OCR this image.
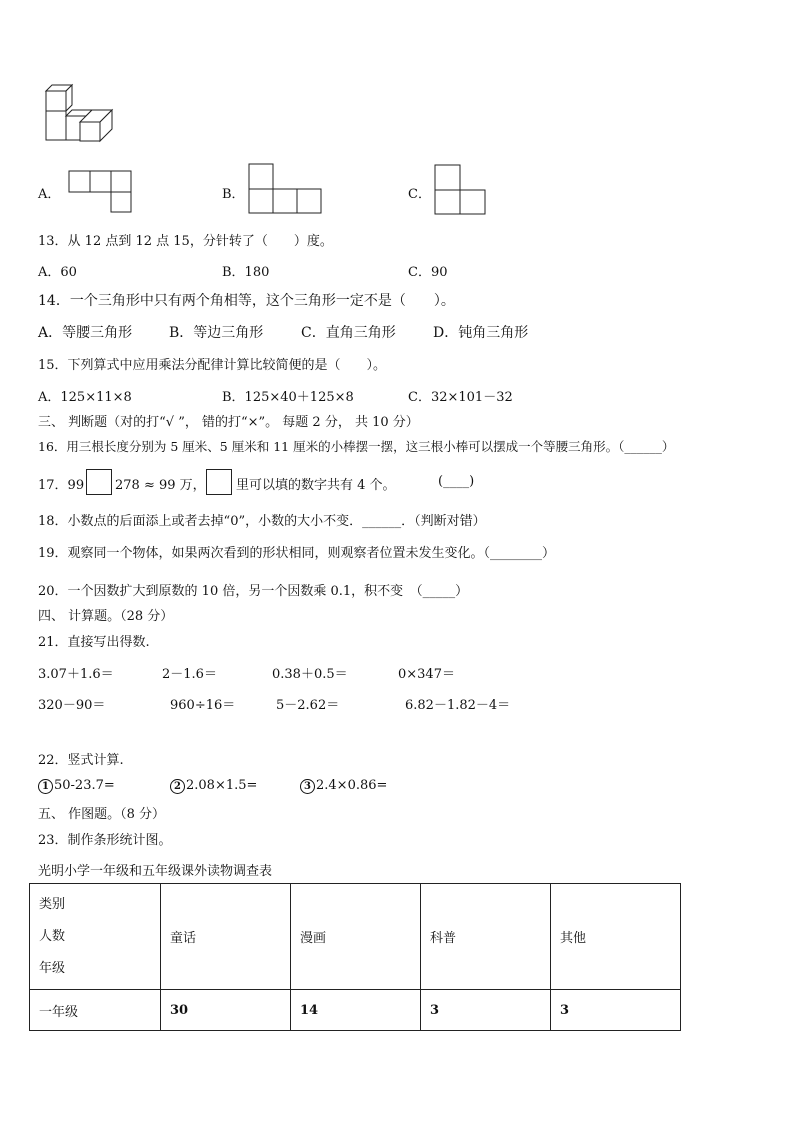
A．	B．	C．
13．从 12 点到 12 点 15，分针转了（　　）度。
A．60	B．180	C．90
14．一个三角形中只有两个角相等，这个三角形一定不是（　　）。
A．等腰三角形	B．等边三角形	C．直角三角形	D．钝角三角形
15．下列算式中应用乘法分配律计算比较简便的是（　　）。
A．125×11×8	B．125×40＋125×8	C．32×101－32
三、 判断题（对的打“√ ”， 错的打“×”。 每题 2 分， 共 10 分）
16．用三根长度分别为 5 厘米、5 厘米和 11 厘米的小棒摆一摆，这三根小棒可以摆成一个等腰三角形。（______）
17．99 278 ≈ 99 万， 里可以填的数字共有 4 个。	(____)
18．小数点的后面添上或者去掉“0”，小数的大小不变．______．（判断对错）
19．观察同一个物体，如果两次看到的形状相同，则观察者位置未发生变化。（________）
20．一个因数扩大到原数的 10 倍，另一个因数乘 0.1，积不变　（_____）
四、 计算题。（28 分）
21．直接写出得数.
3.07＋1.6＝	2－1.6＝	0.38＋0.5＝	0×347＝
320－90＝	960÷16＝	5－2.62＝	6.82－1.82－4＝
22．竖式计算.
1 50-23.7=	2 2.08×1.5=	3 2.4×0.86=
五、 作图题。（8 分）
23．制作条形统计图。
光明小学一年级和五年级课外读物调查表
类别
人数
年级	童话	漫画	科普	其他
一年级	30	14	3	3
